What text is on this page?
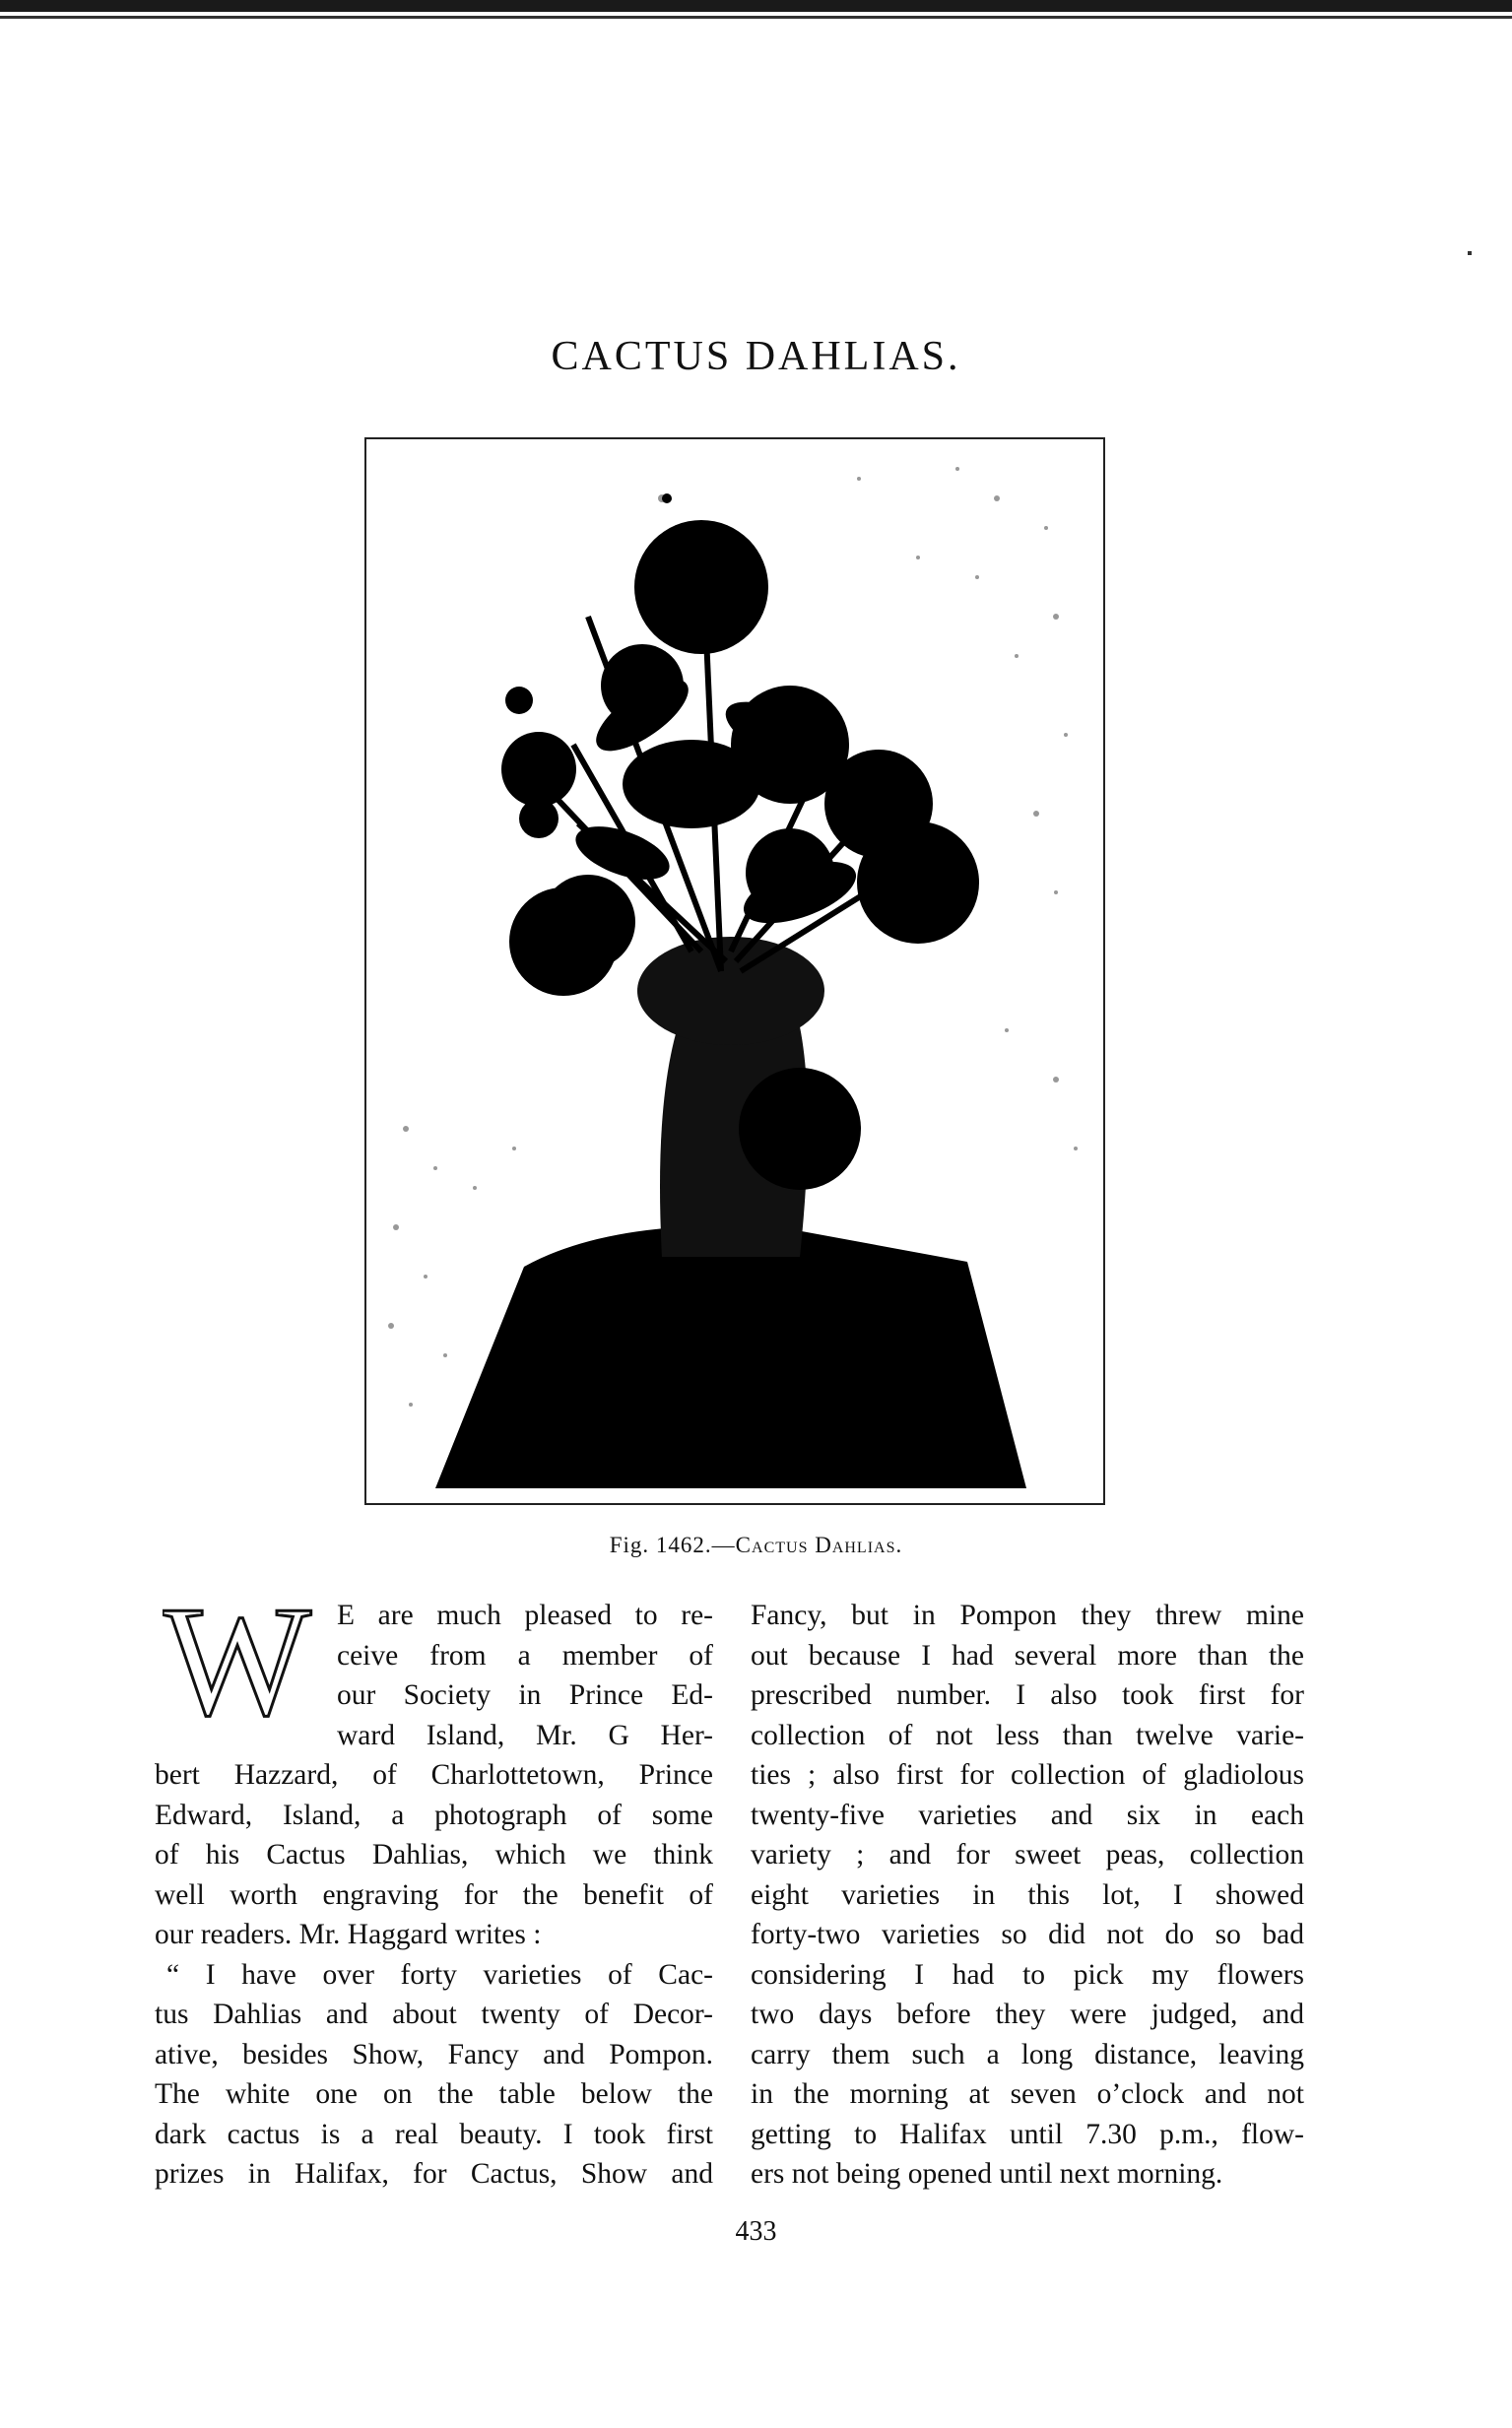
CACTUS DAHLIAS.
Fig. 1462.—Cactus Dahlias.
W E are much pleased to re-
ceive from a member of
our Society in Prince Ed-
ward Island, Mr. G Her-
bert Hazzard, of Charlottetown, Prince
Edward, Island, a photograph of some
of his Cactus Dahlias, which we think
well worth engraving for the benefit of
our readers. Mr. Haggard writes :
“ I have over forty varieties of Cac-
tus Dahlias and about twenty of Decor-
ative, besides Show, Fancy and Pompon.
The white one on the table below the
dark cactus is a real beauty. I took first
prizes in Halifax, for Cactus, Show and
Fancy, but in Pompon they threw mine
out because I had several more than the
prescribed number. I also took first for
collection of not less than twelve varie-
ties ; also first for collection of gladiolous
twenty-five varieties and six in each
variety ; and for sweet peas, collection
eight varieties in this lot, I showed
forty-two varieties so did not do so bad
considering I had to pick my flowers
two days before they were judged, and
carry them such a long distance, leaving
in the morning at seven o’clock and not
getting to Halifax until 7.30 p.m., flow-
ers not being opened until next morning.
433
